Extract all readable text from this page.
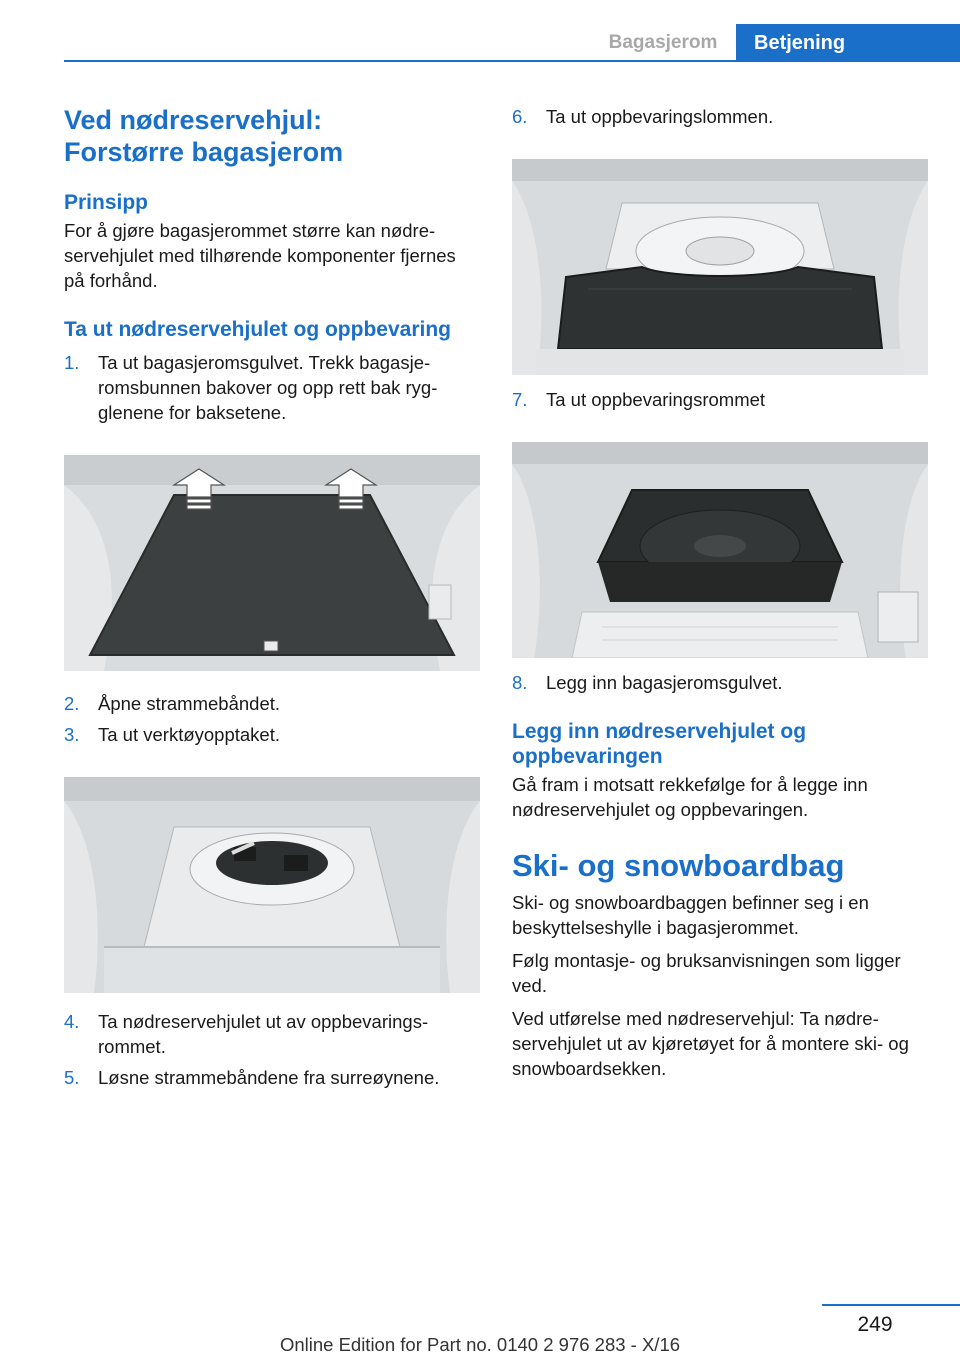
Bagasjerom	Betjening
Ved nødreservehjul:
Forstørre bagasjerom
Prinsipp
For å gjøre bagasjerommet større kan nødreservehjulet med tilhørende komponenter fjernes på forhånd.
Ta ut nødreservehjulet og oppbevaring
1.	Ta ut bagasjeromsgulvet. Trekk bagasjeromsbunnen bakover og opp rett bak rygglenene for baksetene.
2.	Åpne strammebåndet.
3.	Ta ut verktøyopptaket.
4.	Ta nødreservehjulet ut av oppbevaringsrommet.
5.	Løsne strammebåndene fra surreøynene.
6.	Ta ut oppbevaringslommen.
7.	Ta ut oppbevaringsrommet
8.	Legg inn bagasjeromsgulvet.
Legg inn nødreservehjulet og oppbevaringen
Gå fram i motsatt rekkefølge for å legge inn nødreservehjulet og oppbevaringen.
Ski- og snowboardbag
Ski- og snowboardbaggen befinner seg i en beskyttelseshylle i bagasjerommet.
Følg montasje- og bruksanvisningen som ligger ved.
Ved utførelse med nødreservehjul: Ta nødreservehjulet ut av kjøretøyet for å montere ski- og snowboardsekken.
249
Online Edition for Part no. 0140 2 976 283 - X/16
